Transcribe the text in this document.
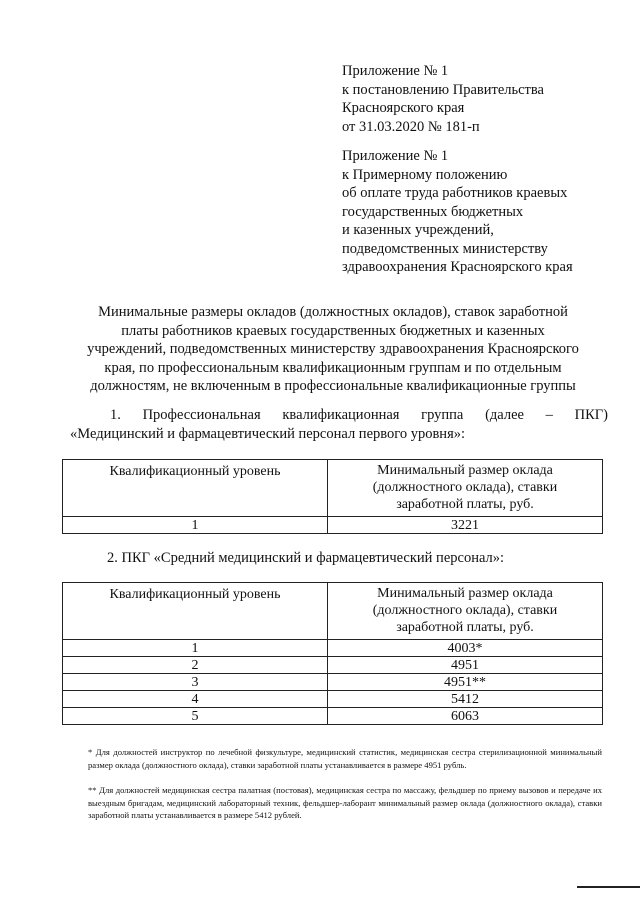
Приложение № 1
к постановлению Правительства
Красноярского края
от 31.03.2020 № 181-п
Приложение № 1
к Примерному положению
об оплате труда работников краевых
государственных бюджетных
и казенных учреждений,
подведомственных министерству
здравоохранения Красноярского края
Минимальные размеры окладов (должностных окладов), ставок заработной
платы работников краевых государственных бюджетных и казенных
учреждений, подведомственных министерству здравоохранения Красноярского
края, по профессиональным квалификационным группам и по отдельным
должностям, не включенным в профессиональные квалификационные группы
1. Профессиональная квалификационная группа (далее – ПКГ)
«Медицинский и фармацевтический персонал первого уровня»:
Квалификационный уровень	Минимальный размер оклада
(должностного оклада), ставки
заработной платы, руб.

1	3221
2. ПКГ «Средний медицинский и фармацевтический персонал»:
Квалификационный уровень	Минимальный размер оклада
(должностного оклада), ставки
заработной платы, руб.

1	4003*
2	4951
3	4951**
4	5412
5	6063
* Для должностей инструктор по лечебной физкультуре, медицинский статистик, медицинская сестра стерилизационной минимальный размер оклада (должностного оклада), ставки заработной платы устанавливается в размере 4951 рубль.
** Для должностей медицинская сестра палатная (постовая), медицинская сестра по массажу, фельдшер по приему вызовов и передаче их выездным бригадам, медицинский лабораторный техник, фельдшер-лаборант минимальный размер оклада (должностного оклада), ставки заработной платы устанавливается в размере 5412 рублей.
